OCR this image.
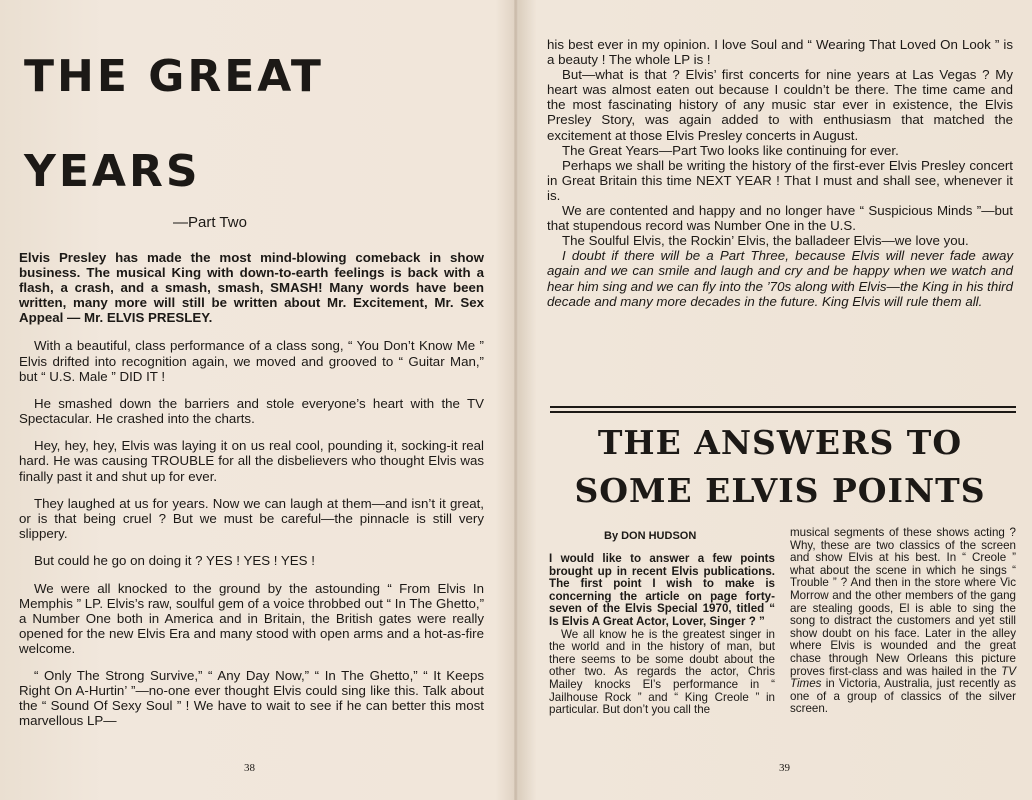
THE GREAT
YEARS

—Part Two

Elvis Presley has made the most mind-blowing comeback in show business. The musical King with down-to-earth feelings is back with a flash, a crash, and a smash, smash, SMASH! Many words have been written, many more will still be written about Mr. Excitement, Mr. Sex Appeal — Mr. ELVIS PRESLEY.

With a beautiful, class performance of a class song, “ You Don’t Know Me ” Elvis drifted into recognition again, we moved and grooved to “ Guitar Man,” but “ U.S. Male ” DID IT !

He smashed down the barriers and stole everyone’s heart with the TV Spectacular. He crashed into the charts.

Hey, hey, hey, Elvis was laying it on us real cool, pounding it, socking-it real hard. He was causing TROUBLE for all the disbelievers who thought Elvis was finally past it and shut up for ever.

They laughed at us for years. Now we can laugh at them—and isn’t it great, or is that being cruel ? But we must be careful—the pinnacle is still very slippery.

But could he go on doing it ? YES ! YES ! YES !

We were all knocked to the ground by the astounding “ From Elvis In Memphis ” LP. Elvis’s raw, soulful gem of a voice throbbed out “ In The Ghetto,” a Number One both in America and in Britain, the British gates were really opened for the new Elvis Era and many stood with open arms and a hot-as-fire welcome.

“ Only The Strong Survive,” “ Any Day Now,” “ In The Ghetto,” “ It Keeps Right On A-Hurtin’ ”—no-one ever thought Elvis could sing like this. Talk about the “ Sound Of Sexy Soul ” ! We have to wait to see if he can better this most marvellous LP—

38

his best ever in my opinion. I love Soul and “ Wearing That Loved On Look ” is a beauty ! The whole LP is !

But—what is that ? Elvis’ first concerts for nine years at Las Vegas ? My heart was almost eaten out because I couldn’t be there. The time came and the most fascinating history of any music star ever in existence, the Elvis Presley Story, was again added to with enthusiasm that matched the excitement at those Elvis Presley concerts in August.

The Great Years—Part Two looks like continuing for ever.

Perhaps we shall be writing the history of the first-ever Elvis Presley concert in Great Britain this time NEXT YEAR ! That I must and shall see, whenever it is.

We are contented and happy and no longer have “ Suspicious Minds ”—but that stupendous record was Number One in the U.S.

The Soulful Elvis, the Rockin’ Elvis, the balladeer Elvis—we love you.

I doubt if there will be a Part Three, because Elvis will never fade away again and we can smile and laugh and cry and be happy when we watch and hear him sing and we can fly into the ’70s along with Elvis—the King in his third decade and many more decades in the future. King Elvis will rule them all.

THE ANSWERS TO
SOME ELVIS POINTS

By DON HUDSON

I would like to answer a few points brought up in recent Elvis publications. The first point I wish to make is concerning the article on page forty-seven of the Elvis Special 1970, titled “ Is Elvis A Great Actor, Lover, Singer ? ”

We all know he is the greatest singer in the world and in the history of man, but there seems to be some doubt about the other two. As regards the actor, Chris Mailey knocks El’s performance in “ Jailhouse Rock ” and “ King Creole ” in particular. But don’t you call the

musical segments of these shows acting ? Why, these are two classics of the screen and show Elvis at his best. In “ Creole ” what about the scene in which he sings “ Trouble ” ? And then in the store where Vic Morrow and the other members of the gang are stealing goods, El is able to sing the song to distract the customers and yet still show doubt on his face. Later in the alley where Elvis is wounded and the great chase through New Orleans this picture proves first-class and was hailed in the TV Times in Victoria, Australia, just recently as one of a group of classics of the silver screen.

39
